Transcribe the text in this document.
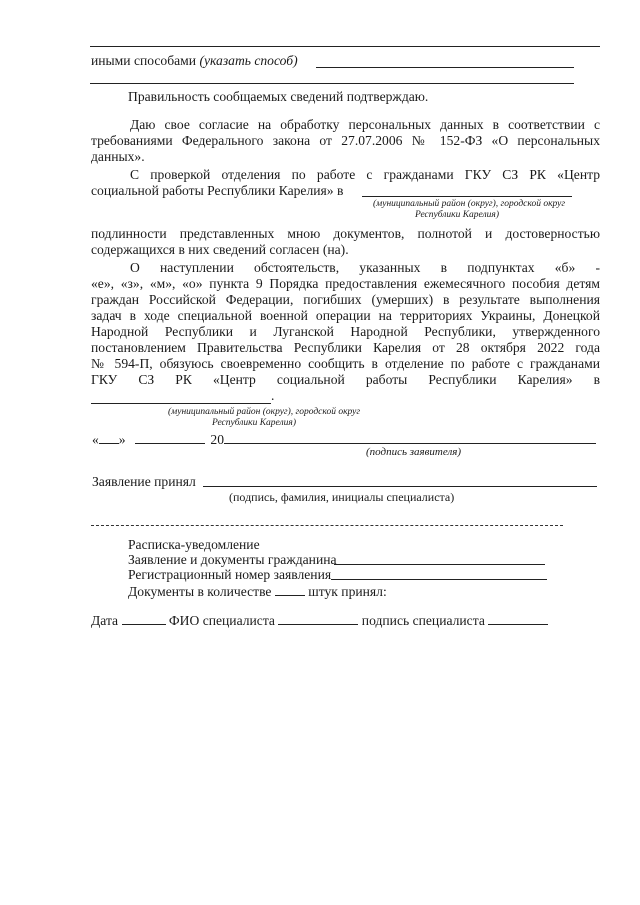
иными способами (указать способ)
Правильность сообщаемых сведений подтверждаю.
Даю свое согласие на обработку персональных данных в соответствии с
требованиями Федерального закона от 27.07.2006 № 152-ФЗ «О персональных
данных».
С проверкой отделения по работе с гражданами ГКУ СЗ РК «Центр
социальной работы Республики Карелия» в
(муниципальный район (округ), городской округ
Республики Карелия)
подлинности представленных мною документов, полнотой и достоверностью
содержащихся в них сведений согласен (на).
О наступлении обстоятельств, указанных в подпунктах «б» -
«е», «з», «м», «о» пункта 9 Порядка предоставления ежемесячного пособия детям
граждан Российской Федерации, погибших (умерших) в результате выполнения
задач в ходе специальной военной операции на территориях Украины, Донецкой
Народной Республики и Луганской Народной Республики, утвержденного
постановлением Правительства Республики Карелия от 28 октября 2022 года
№ 594-П, обязуюсь своевременно сообщить в отделение по работе с гражданами
ГКУ СЗ РК «Центр социальной работы Республики Карелия» в
.
(муниципальный район (округ), городской округ
Республики Карелия)
« »	20
(подпись заявителя)
Заявление принял
(подпись, фамилия, инициалы специалиста)
Расписка-уведомление
Заявление и документы гражданина
Регистрационный номер заявления
Документы в количестве	штук принял:
Дата	ФИО специалиста	подпись специалиста
